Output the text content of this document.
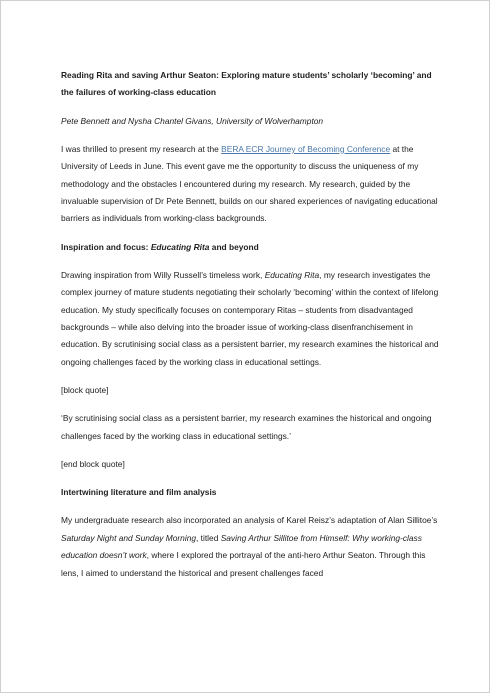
Reading Rita and saving Arthur Seaton: Exploring mature students’ scholarly ‘becoming’ and the failures of working-class education

Pete Bennett and Nysha Chantel Givans, University of Wolverhampton

I was thrilled to present my research at the BERA ECR Journey of Becoming Conference at the University of Leeds in June. This event gave me the opportunity to discuss the uniqueness of my methodology and the obstacles I encountered during my research. My research, guided by the invaluable supervision of Dr Pete Bennett, builds on our shared experiences of navigating educational barriers as individuals from working-class backgrounds.

Inspiration and focus: Educating Rita and beyond

Drawing inspiration from Willy Russell’s timeless work, Educating Rita, my research investigates the complex journey of mature students negotiating their scholarly ‘becoming’ within the context of lifelong education. My study specifically focuses on contemporary Ritas – students from disadvantaged backgrounds – while also delving into the broader issue of working-class disenfranchisement in education. By scrutinising social class as a persistent barrier, my research examines the historical and ongoing challenges faced by the working class in educational settings.

[block quote]

‘By scrutinising social class as a persistent barrier, my research examines the historical and ongoing challenges faced by the working class in educational settings.’

[end block quote]

Intertwining literature and film analysis

My undergraduate research also incorporated an analysis of Karel Reisz’s adaptation of Alan Sillitoe’s Saturday Night and Sunday Morning, titled Saving Arthur Sillitoe from Himself: Why working-class education doesn’t work, where I explored the portrayal of the anti-hero Arthur Seaton. Through this lens, I aimed to understand the historical and present challenges faced
